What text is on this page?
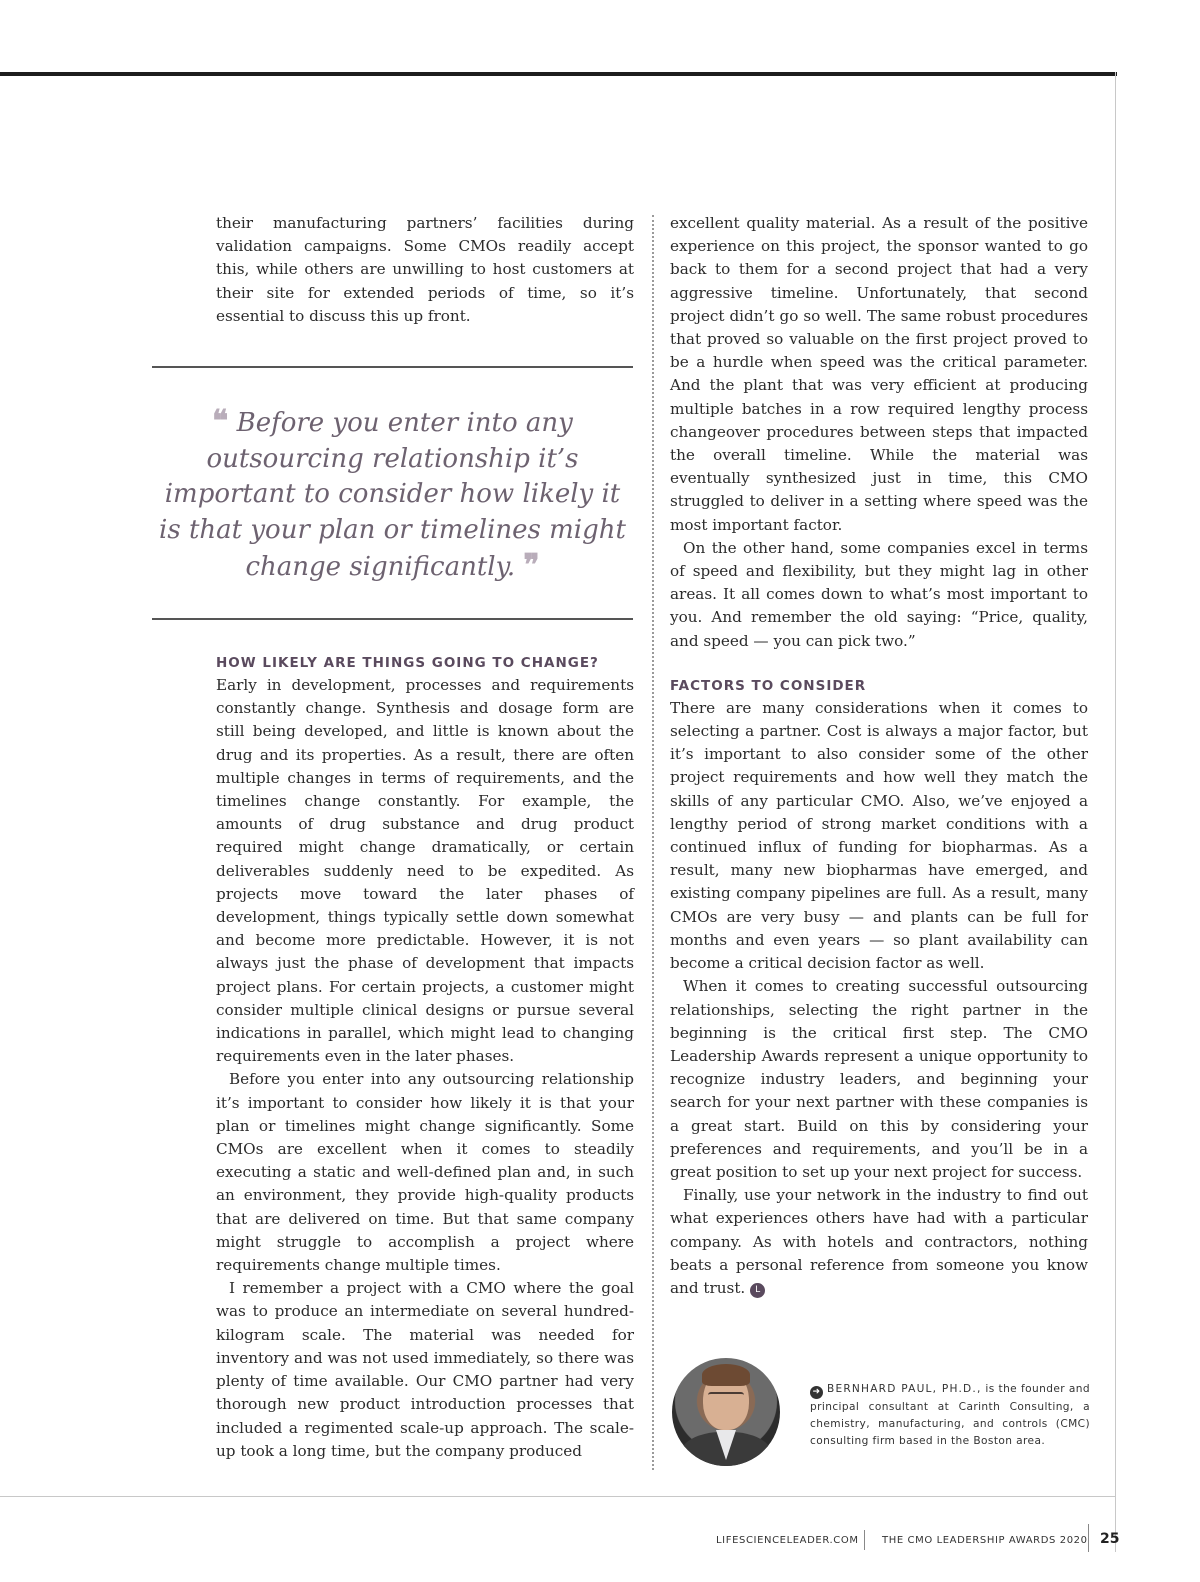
their manufacturing partners’ facilities during validation campaigns. Some CMOs readily accept this, while others are unwilling to host customers at their site for extended periods of time, so it’s essential to discuss this up front.

❝ Before you enter into any outsourcing relationship it’s important to consider how likely it is that your plan or timelines might change significantly. ❞

HOW LIKELY ARE THINGS GOING TO CHANGE?

Early in development, processes and requirements constantly change. Synthesis and dosage form are still being developed, and little is known about the drug and its properties. As a result, there are often multiple changes in terms of requirements, and the timelines change constantly. For example, the amounts of drug substance and drug product required might change dramatically, or certain deliverables suddenly need to be expedited. As projects move toward the later phases of development, things typically settle down somewhat and become more predictable. However, it is not always just the phase of development that impacts project plans. For certain projects, a customer might consider multiple clinical designs or pursue several indications in parallel, which might lead to changing requirements even in the later phases.

Before you enter into any outsourcing relationship it’s important to consider how likely it is that your plan or timelines might change significantly. Some CMOs are excellent when it comes to steadily executing a static and well-defined plan and, in such an environment, they provide high-quality products that are delivered on time. But that same company might struggle to accomplish a project where requirements change multiple times.

I remember a project with a CMO where the goal was to produce an intermediate on several hundred-kilogram scale. The material was needed for inventory and was not used immediately, so there was plenty of time available. Our CMO partner had very thorough new product introduction processes that included a regimented scale-up approach. The scale-up took a long time, but the company produced

excellent quality material. As a result of the positive experience on this project, the sponsor wanted to go back to them for a second project that had a very aggressive timeline. Unfortunately, that second project didn’t go so well. The same robust procedures that proved so valuable on the first project proved to be a hurdle when speed was the critical parameter. And the plant that was very efficient at producing multiple batches in a row required lengthy process changeover procedures between steps that impacted the overall timeline. While the material was eventually synthesized just in time, this CMO struggled to deliver in a setting where speed was the most important factor.

On the other hand, some companies excel in terms of speed and flexibility, but they might lag in other areas. It all comes down to what’s most important to you. And remember the old saying: “Price, quality, and speed — you can pick two.”

FACTORS TO CONSIDER

There are many considerations when it comes to selecting a partner. Cost is always a major factor, but it’s important to also consider some of the other project requirements and how well they match the skills of any particular CMO. Also, we’ve enjoyed a lengthy period of strong market conditions with a continued influx of funding for biopharmas. As a result, many new biopharmas have emerged, and existing company pipelines are full. As a result, many CMOs are very busy — and plants can be full for months and even years — so plant availability can become a critical decision factor as well.

When it comes to creating successful outsourcing relationships, selecting the right partner in the beginning is the critical first step. The CMO Leadership Awards represent a unique opportunity to recognize industry leaders, and beginning your search for your next partner with these companies is a great start. Build on this by considering your preferences and requirements, and you’ll be in a great position to set up your next project for success.

Finally, use your network in the industry to find out what experiences others have had with a particular company. As with hotels and contractors, nothing beats a personal reference from someone you know and trust. L

➜ BERNHARD PAUL, PH.D., is the founder and principal consultant at Carinth Consulting, a chemistry, manufacturing, and controls (CMC) consulting firm based in the Boston area.
LIFESCIENCELEADER.COM THE CMO LEADERSHIP AWARDS 2020 25
